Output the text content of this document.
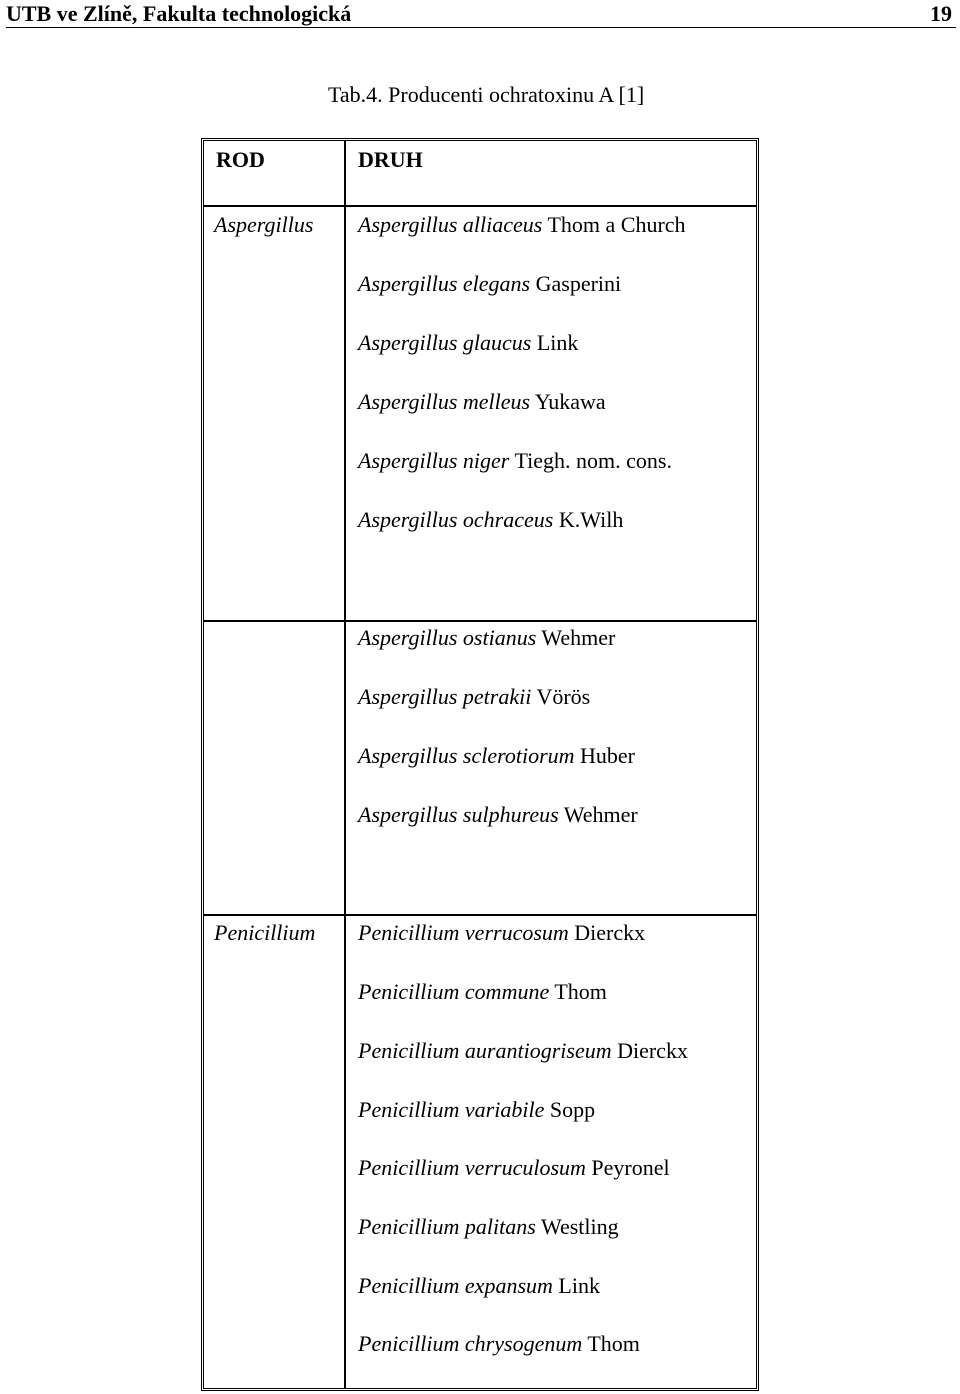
UTB ve Zlíně, Fakulta technologická	19
Tab.4. Producenti ochratoxinu A [1]
ROD	DRUH
Aspergillus Aspergillus alliaceus Thom a Church
Aspergillus elegans Gasperini
Aspergillus glaucus Link
Aspergillus melleus Yukawa
Aspergillus niger Tiegh. nom. cons.
Aspergillus ochraceus K.Wilh
Aspergillus ostianus Wehmer
Aspergillus petrakii Vörös
Aspergillus sclerotiorum Huber
Aspergillus sulphureus Wehmer
Penicillium Penicillium verrucosum Dierckx
Penicillium commune Thom
Penicillium aurantiogriseum Dierckx
Penicillium variabile Sopp
Penicillium verruculosum Peyronel
Penicillium palitans Westling
Penicillium expansum Link
Penicillium chrysogenum Thom
